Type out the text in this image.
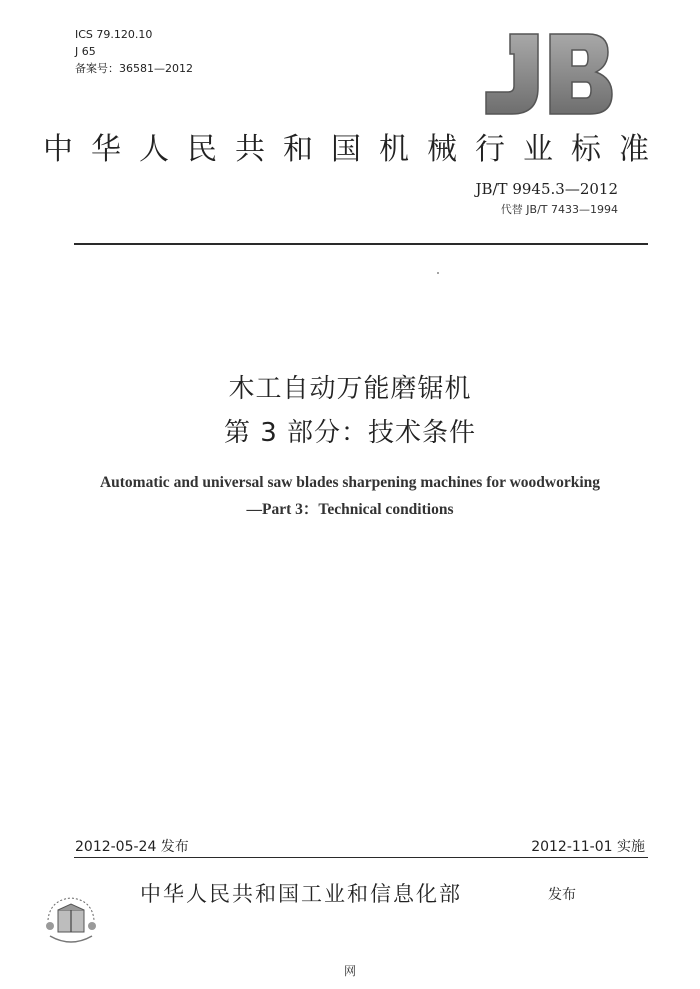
ICS 79.120.10
J 65
备案号：36581—2012
中华人民共和国机械行业标准
JB/T 9945.3—2012
代替 JB/T 7433—1994
木工自动万能磨锯机
第 3 部分：技术条件
Automatic and universal saw blades sharpening machines for woodworking
—Part 3：Technical conditions
2012-05-24 发布	2012-11-01 实施
中华人民共和国工业和信息化部	发布
网
